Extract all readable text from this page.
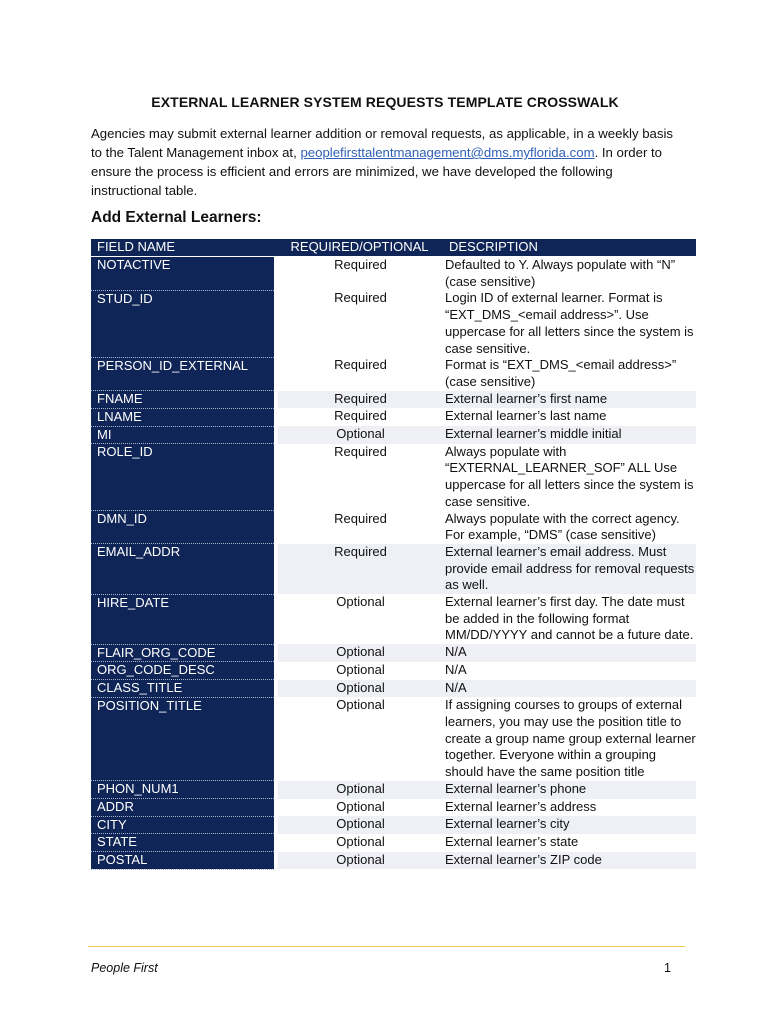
EXTERNAL LEARNER SYSTEM REQUESTS TEMPLATE CROSSWALK
Agencies may submit external learner addition or removal requests, as applicable, in a weekly basis to the Talent Management inbox at, peoplefirsttalentmanagement@dms.myflorida.com. In order to ensure the process is efficient and errors are minimized, we have developed the following instructional table.
Add External Learners:
FIELD NAME	REQUIRED/OPTIONAL	DESCRIPTION
NOTACTIVE	Required	Defaulted to Y. Always populate with “N” (case sensitive)
STUD_ID	Required	Login ID of external learner. Format is “EXT_DMS_<email address>”. Use uppercase for all letters since the system is case sensitive.
PERSON_ID_EXTERNAL	Required	Format is “EXT_DMS_<email address>” (case sensitive)
FNAME	Required	External learner’s first name
LNAME	Required	External learner’s last name
MI	Optional	External learner’s middle initial
ROLE_ID	Required	Always populate with “EXTERNAL_LEARNER_SOF” ALL Use uppercase for all letters since the system is case sensitive.
DMN_ID	Required	Always populate with the correct agency. For example, “DMS” (case sensitive)
EMAIL_ADDR	Required	External learner’s email address. Must provide email address for removal requests as well.
HIRE_DATE	Optional	External learner’s first day. The date must be added in the following format MM/DD/YYYY and cannot be a future date.
FLAIR_ORG_CODE	Optional	N/A
ORG_CODE_DESC	Optional	N/A
CLASS_TITLE	Optional	N/A
POSITION_TITLE	Optional	If assigning courses to groups of external learners, you may use the position title to create a group name group external learner together. Everyone within a grouping should have the same position title
PHON_NUM1	Optional	External learner’s phone
ADDR	Optional	External learner’s address
CITY	Optional	External learner’s city
STATE	Optional	External learner’s state
POSTAL	Optional	External learner’s ZIP code
People First	1
